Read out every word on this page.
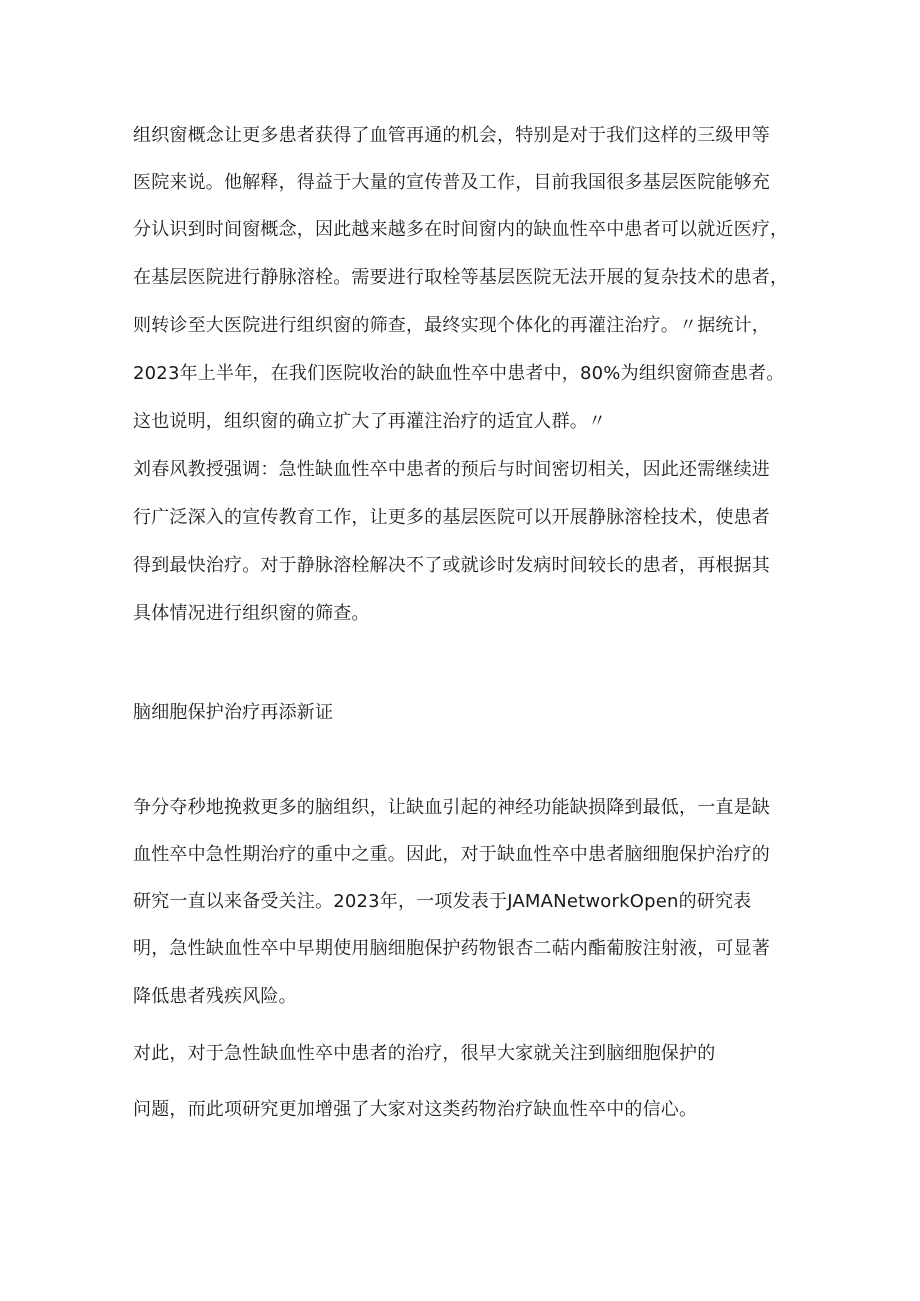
组织窗概念让更多患者获得了血管再通的机会，特别是对于我们这样的三级甲等
医院来说。他解释，得益于大量的宣传普及工作，目前我国很多基层医院能够充
分认识到时间窗概念，因此越来越多在时间窗内的缺血性卒中患者可以就近医疗，
在基层医院进行静脉溶栓。需要进行取栓等基层医院无法开展的复杂技术的患者，
则转诊至大医院进行组织窗的筛查，最终实现个体化的再灌注治疗。〃据统计，
2023年上半年，在我们医院收治的缺血性卒中患者中，80%为组织窗筛查患者。
这也说明，组织窗的确立扩大了再灌注治疗的适宜人群。〃
刘春风教授强调：急性缺血性卒中患者的预后与时间密切相关，因此还需继续进
行广泛深入的宣传教育工作，让更多的基层医院可以开展静脉溶栓技术，使患者
得到最快治疗。对于静脉溶栓解决不了或就诊时发病时间较长的患者，再根据其
具体情况进行组织窗的筛查。
脑细胞保护治疗再添新证
争分夺秒地挽救更多的脑组织，让缺血引起的神经功能缺损降到最低，一直是缺
血性卒中急性期治疗的重中之重。因此，对于缺血性卒中患者脑细胞保护治疗的
研究一直以来备受关注。2023年，一项发表于JAMANetworkOpen的研究表
明，急性缺血性卒中早期使用脑细胞保护药物银杏二萜内酯葡胺注射液，可显著
降低患者残疾风险。
对此，对于急性缺血性卒中患者的治疗，很早大家就关注到脑细胞保护的
问题，而此项研究更加增强了大家对这类药物治疗缺血性卒中的信心。
